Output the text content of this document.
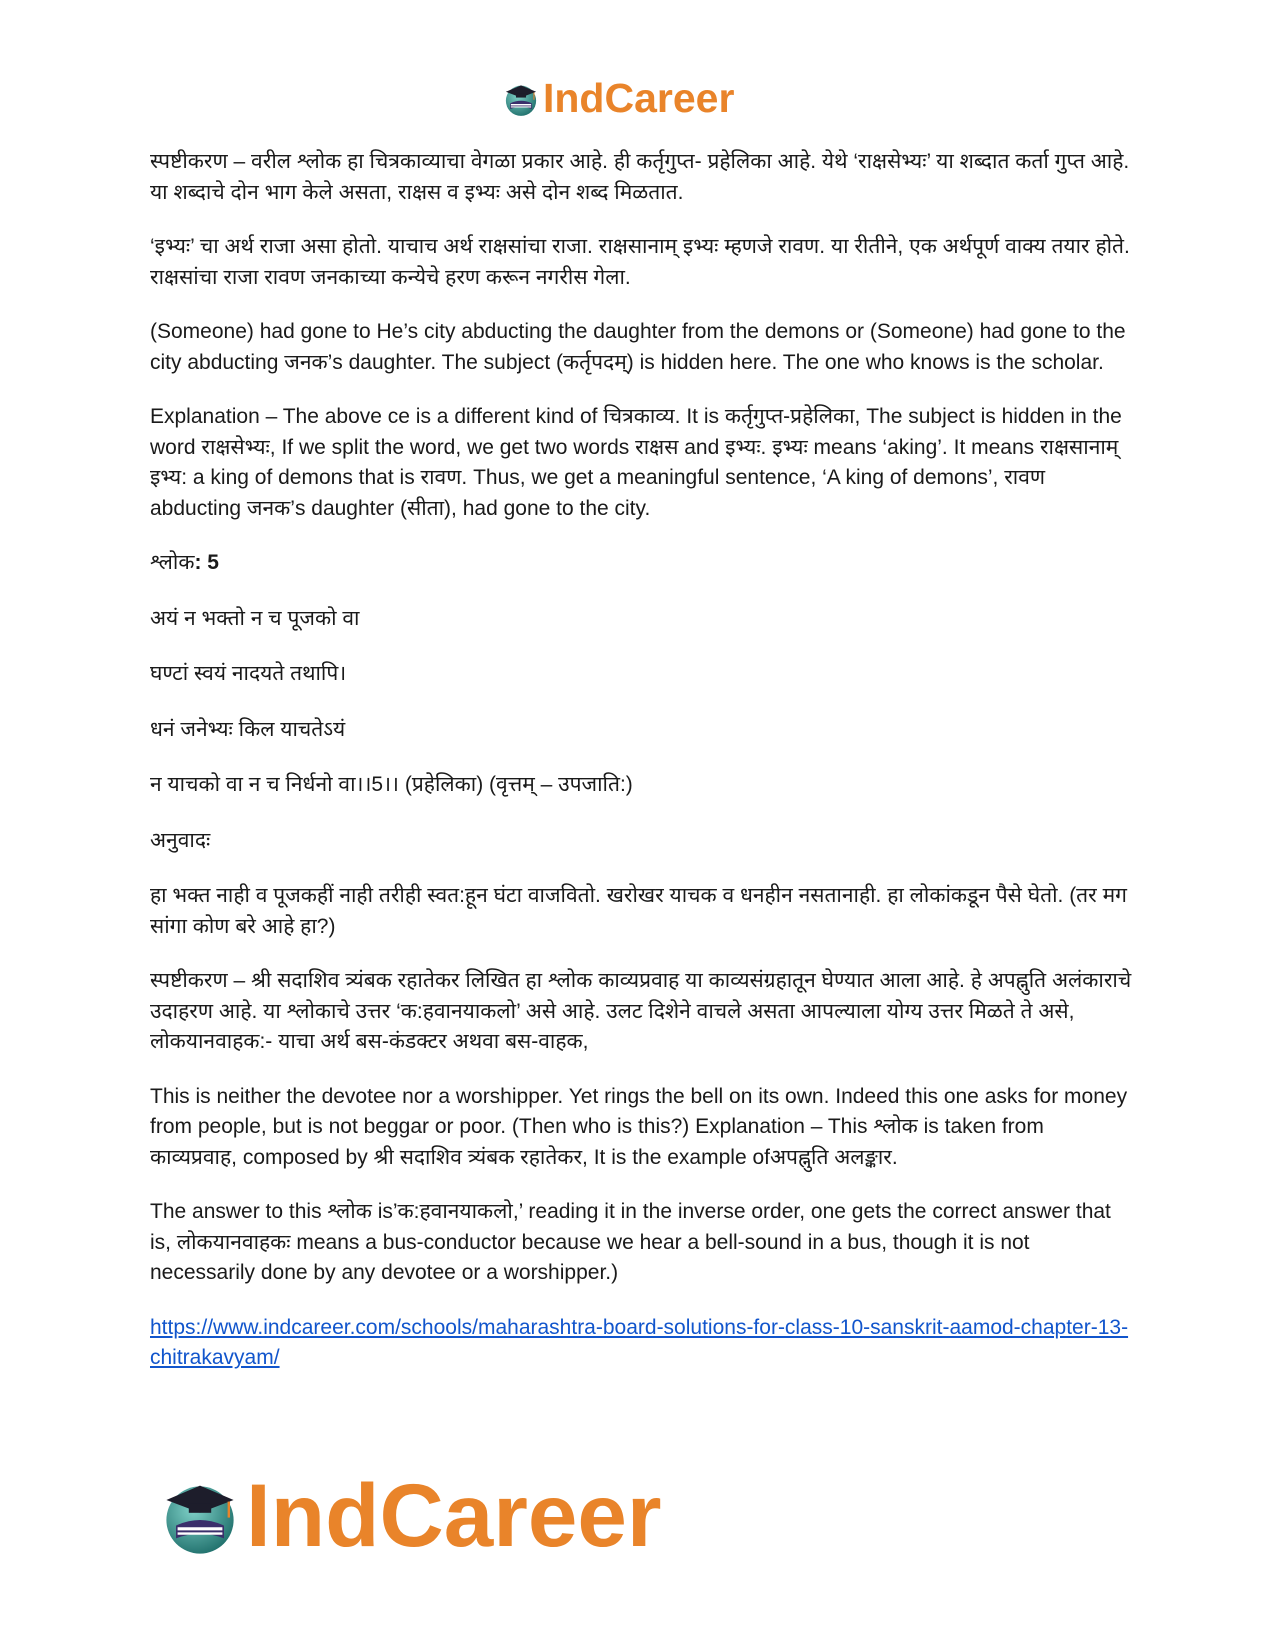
IndCareer

स्पष्टीकरण – वरील श्लोक हा चित्रकाव्याचा वेगळा प्रकार आहे. ही कर्तृगुप्त- प्रहेलिका आहे. येथे ‘राक्षसेभ्यः’ या शब्दात कर्ता गुप्त आहे. या शब्दाचे दोन भाग केले असता, राक्षस व इभ्यः असे दोन शब्द मिळतात.

‘इभ्यः’ चा अर्थ राजा असा होतो. याचाच अर्थ राक्षसांचा राजा. राक्षसानाम् इभ्यः म्हणजे रावण. या रीतीने, एक अर्थपूर्ण वाक्य तयार होते. राक्षसांचा राजा रावण जनकाच्या कन्येचे हरण करून नगरीस गेला.

(Someone) had gone to He’s city abducting the daughter from the demons or (Someone) had gone to the city abducting जनक’s daughter. The subject (कर्तृपदम्) is hidden here. The one who knows is the scholar.

Explanation – The above ce is a different kind of चित्रकाव्य. It is कर्तृगुप्त-प्रहेलिका, The subject is hidden in the word राक्षसेभ्यः, If we split the word, we get two words राक्षस and इभ्यः. इभ्यः means ‘aking’. It means राक्षसानाम् इभ्य: a king of demons that is रावण. Thus, we get a meaningful sentence, ‘A king of demons’, रावण abducting जनक’s daughter (सीता), had gone to the city.

श्लोक: 5

अयं न भक्तो न च पूजको वा

घण्टां स्वयं नादयते तथापि।

धनं जनेभ्यः किल याचतेऽयं

न याचको वा न च निर्धनो वा।।5।। (प्रहेलिका) (वृत्तम् – उपजाति:)

अनुवादः

हा भक्त नाही व पूजकहीं नाही तरीही स्वत:हून घंटा वाजवितो. खरोखर याचक व धनहीन नसतानाही. हा लोकांकडून पैसे घेतो. (तर मग सांगा कोण बरे आहे हा?)

स्पष्टीकरण – श्री सदाशिव त्र्यंबक रहातेकर लिखित हा श्लोक काव्यप्रवाह या काव्यसंग्रहातून घेण्यात आला आहे. हे अपह्नुति अलंकाराचे उदाहरण आहे. या श्लोकाचे उत्तर ‘क:हवानयाकलो’ असे आहे. उलट दिशेने वाचले असता आपल्याला योग्य उत्तर मिळते ते असे, लोकयानवाहक:- याचा अर्थ बस-कंडक्टर अथवा बस-वाहक,

This is neither the devotee nor a worshipper. Yet rings the bell on its own. Indeed this one asks for money from people, but is not beggar or poor. (Then who is this?) Explanation – This श्लोक is taken from काव्यप्रवाह, composed by श्री सदाशिव त्र्यंबक रहातेकर, It is the example ofअपह्नुति अलङ्कार.

The answer to this श्लोक is’क:हवानयाकलो,’ reading it in the inverse order, one gets the correct answer that is, लोकयानवाहकः means a bus-conductor because we hear a bell-sound in a bus, though it is not necessarily done by any devotee or a worshipper.)

https://www.indcareer.com/schools/maharashtra-board-solutions-for-class-10-sanskrit-aamod-chapter-13-chitrakavyam/

IndCareer
